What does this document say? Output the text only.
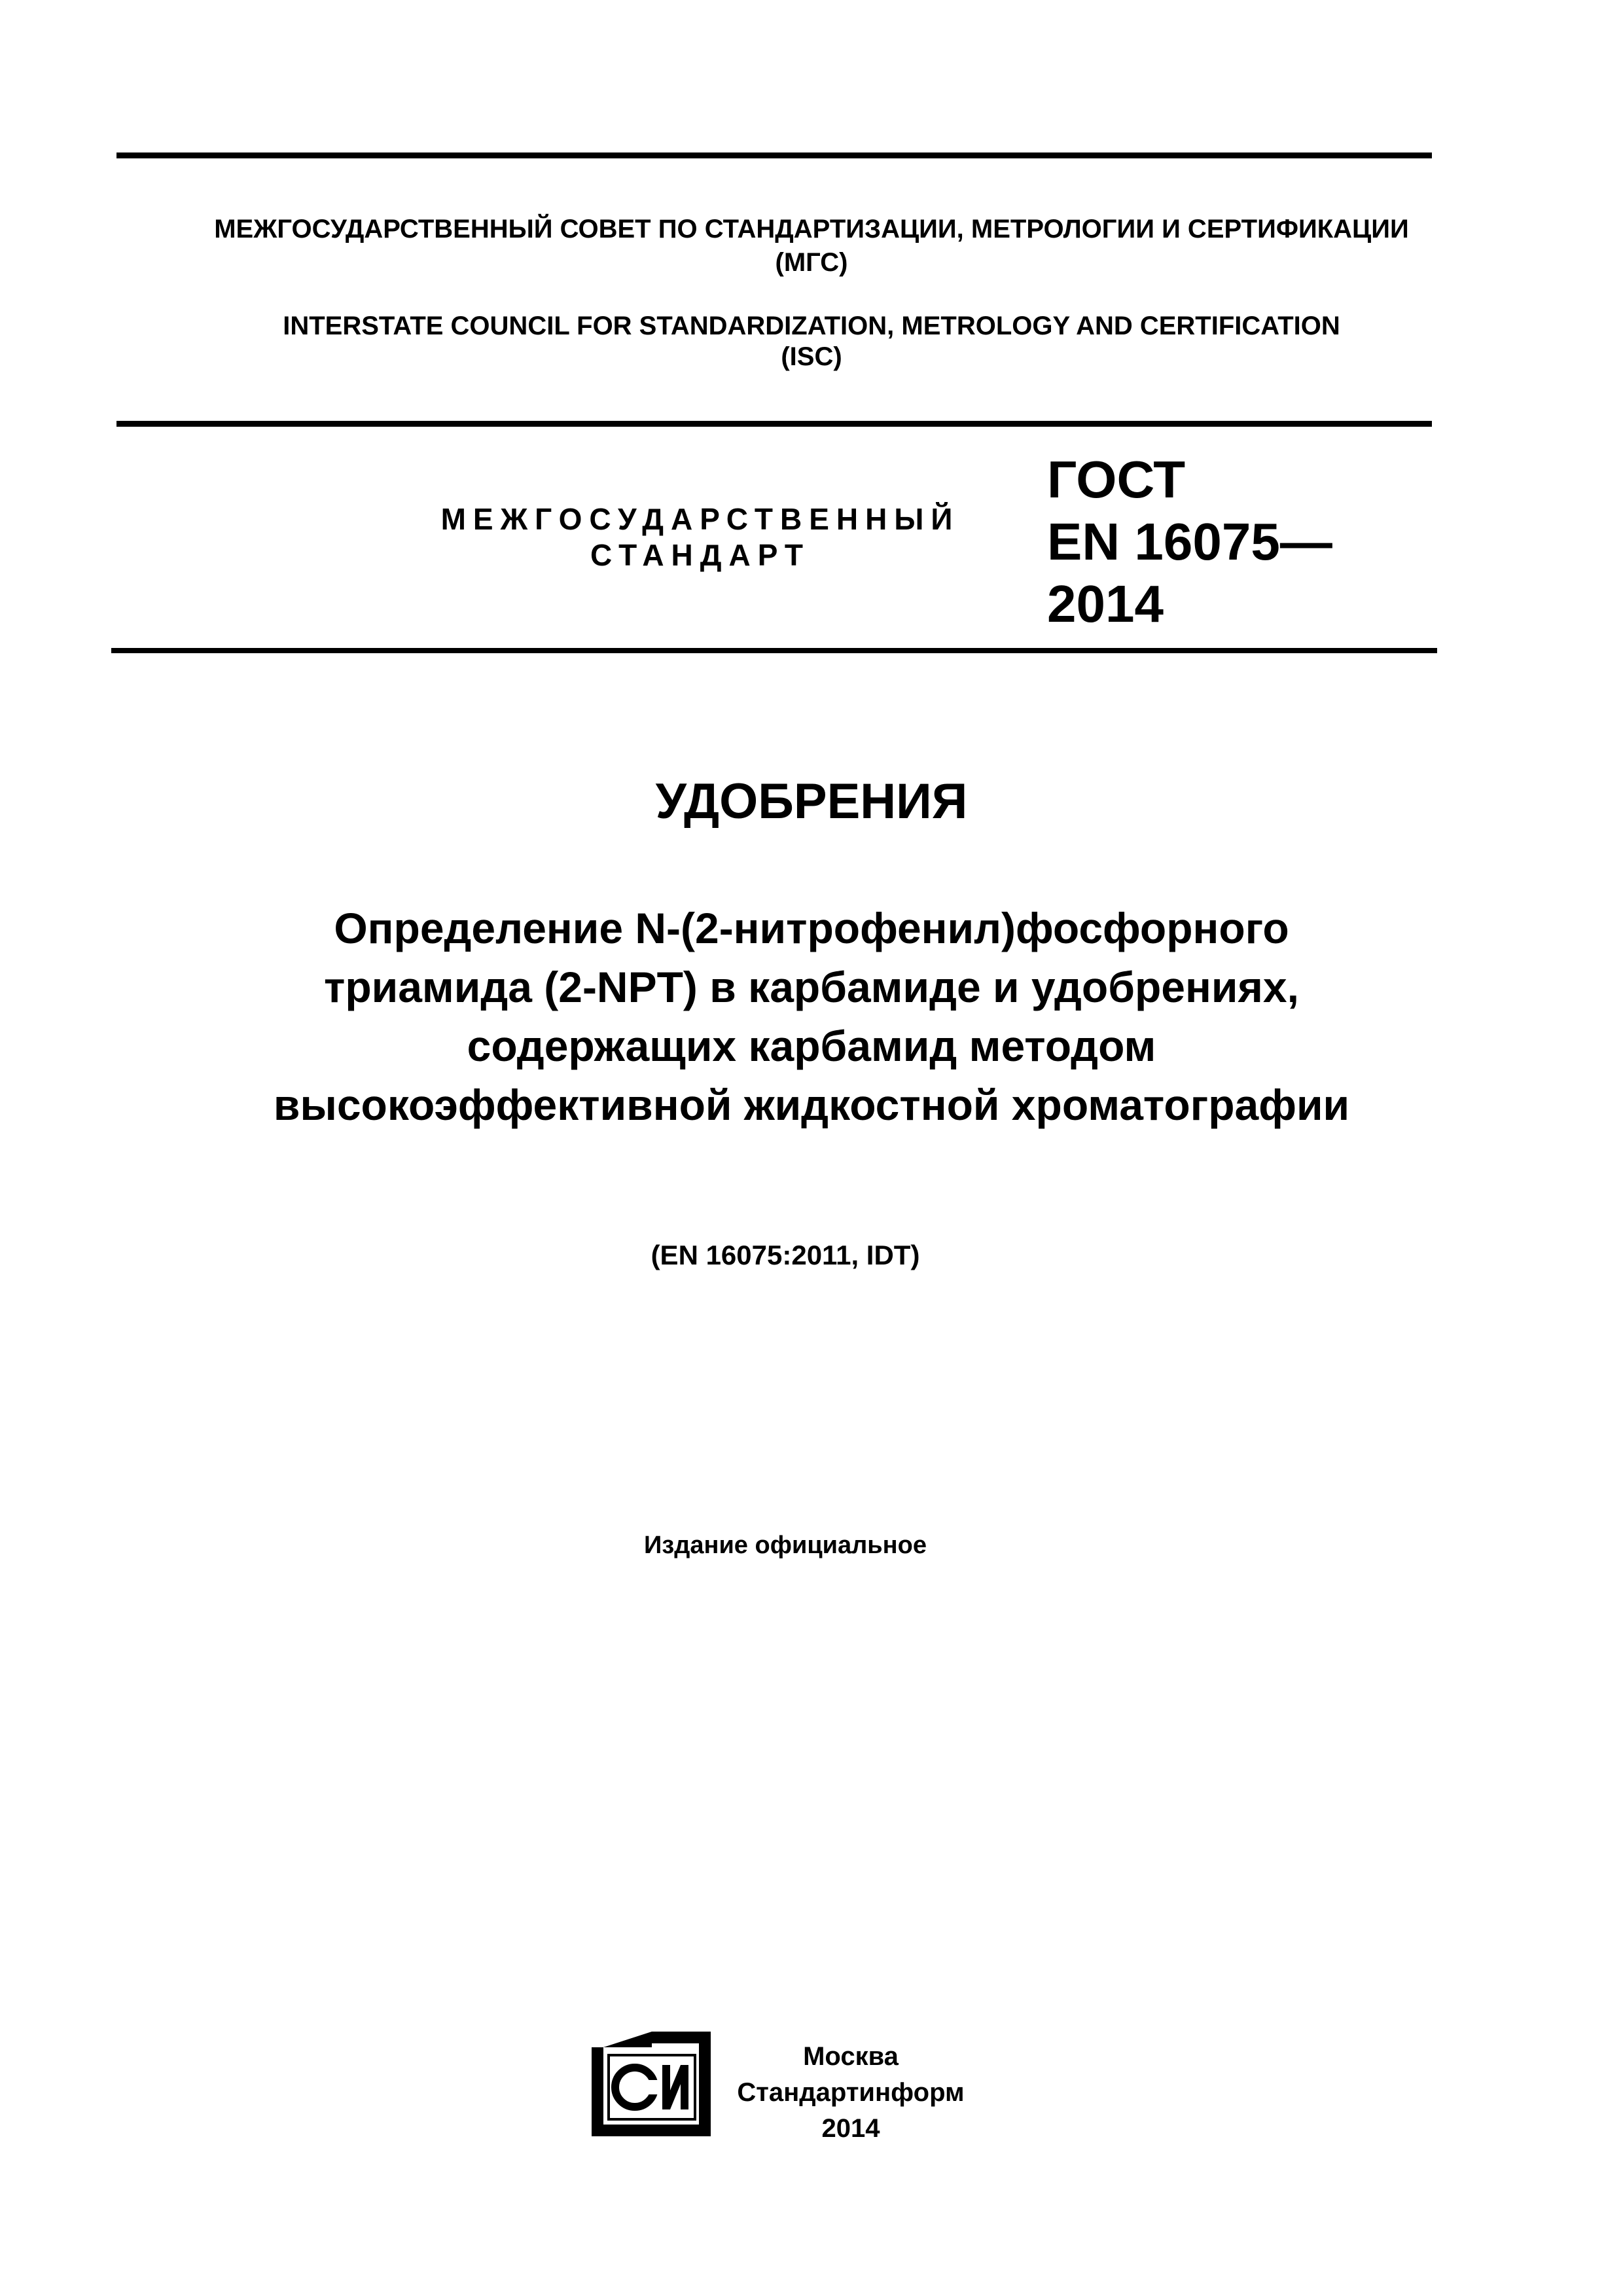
МЕЖГОСУДАРСТВЕННЫЙ СОВЕТ ПО СТАНДАРТИЗАЦИИ, МЕТРОЛОГИИ И СЕРТИФИКАЦИИ
(МГС)
INTERSTATE COUNCIL FOR STANDARDIZATION, METROLOGY AND CERTIFICATION
(ISC)
МЕЖГОСУДАРСТВЕННЫЙ
СТАНДАРТ
ГОСТ
EN 16075—
2014
УДОБРЕНИЯ
Определение N-(2-нитрофенил)фосфорного
триамида (2-NPT) в карбамиде и удобрениях,
содержащих карбамид методом
высокоэффективной жидкостной хроматографии
(EN 16075:2011, IDT)
Издание официальное
Москва
Стандартинформ
2014
